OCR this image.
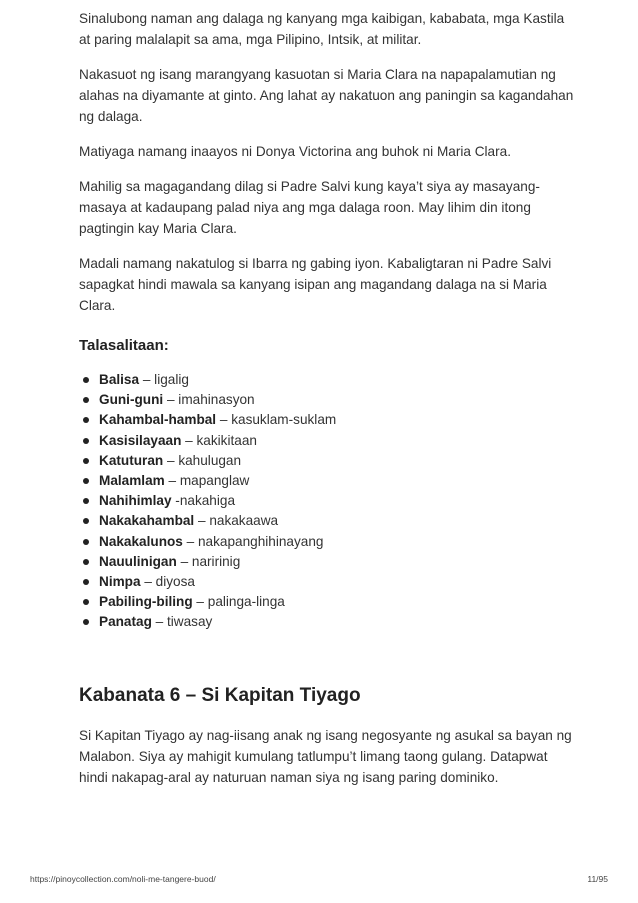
Sinalubong naman ang dalaga ng kanyang mga kaibigan, kababata, mga Kastila at paring malalapit sa ama, mga Pilipino, Intsik, at militar.

Nakasuot ng isang marangyang kasuotan si Maria Clara na napapalamutian ng alahas na diyamante at ginto. Ang lahat ay nakatuon ang paningin sa kagandahan ng dalaga.

Matiyaga namang inaayos ni Donya Victorina ang buhok ni Maria Clara.

Mahilig sa magagandang dilag si Padre Salvi kung kaya’t siya ay masayang-masaya at kadaupang palad niya ang mga dalaga roon. May lihim din itong pagtingin kay Maria Clara.

Madali namang nakatulog si Ibarra ng gabing iyon. Kabaligtaran ni Padre Salvi sapagkat hindi mawala sa kanyang isipan ang magandang dalaga na si Maria Clara.

Talasalitaan:
Balisa – ligalig
Guni-guni – imahinasyon
Kahambal-hambal – kasuklam-suklam
Kasisilayaan – kakikitaan
Katuturan – kahulugan
Malamlam – mapanglaw
Nahihimlay -nakahiga
Nakakahambal – nakakaawa
Nakakalunos – nakapanghihinayang
Nauulinigan – naririnig
Nimpa – diyosa
Pabiling-biling – palinga-linga
Panatag – tiwasay
Kabanata 6 – Si Kapitan Tiyago

Si Kapitan Tiyago ay nag-iisang anak ng isang negosyante ng asukal sa bayan ng Malabon. Siya ay mahigit kumulang tatlumpu’t limang taong gulang. Datapwat hindi nakapag-aral ay naturuan naman siya ng isang paring dominiko.

https://pinoycollection.com/noli-me-tangere-buod/	11/95
